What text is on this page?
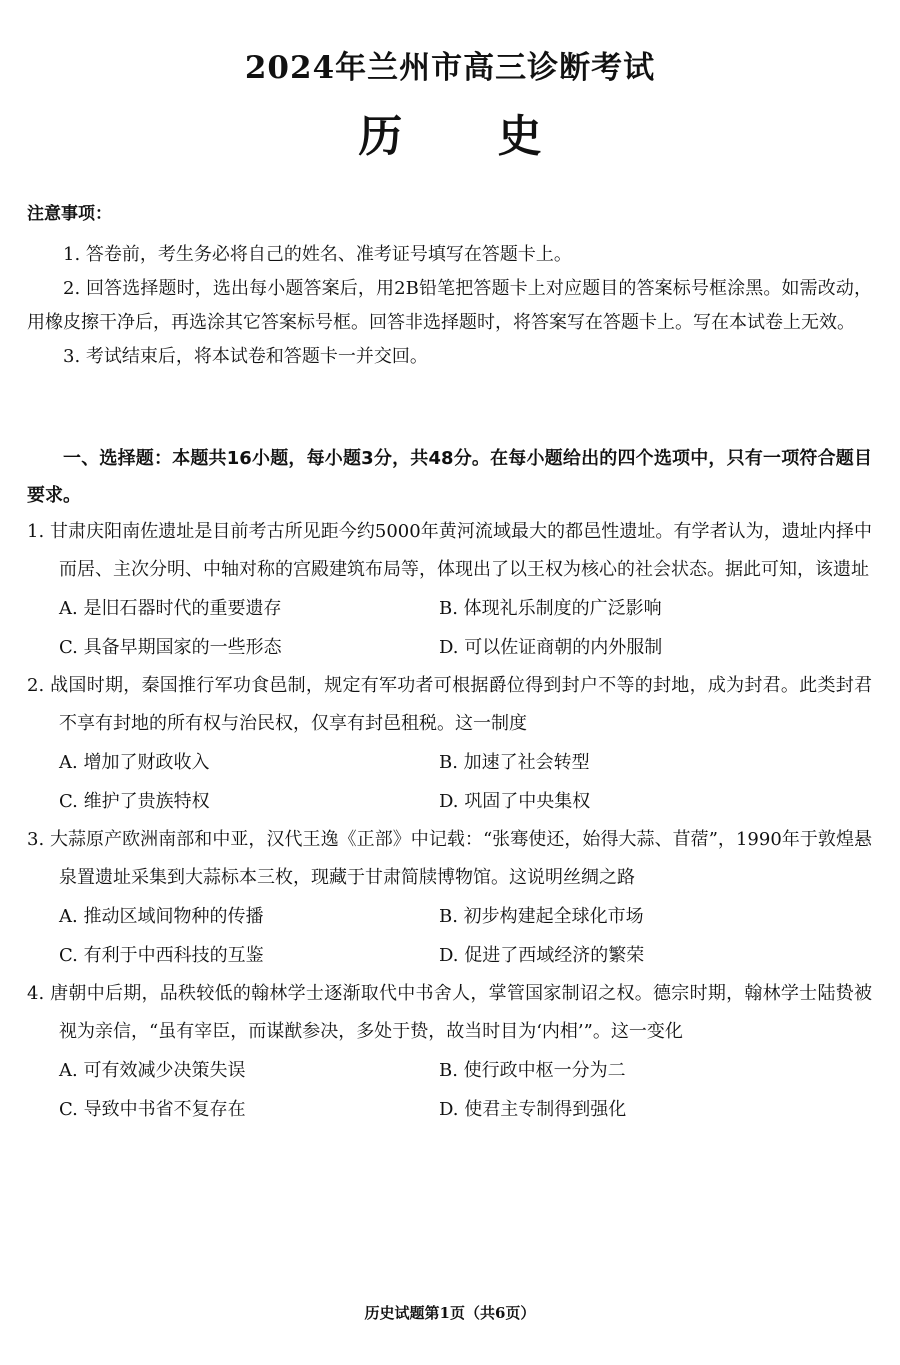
2024年兰州市高三诊断考试
历 史
注意事项：

1. 答卷前，考生务必将自己的姓名、准考证号填写在答题卡上。

2. 回答选择题时，选出每小题答案后，用2B铅笔把答题卡上对应题目的答案标号框涂黑。如需改动，用橡皮擦干净后，再选涂其它答案标号框。回答非选择题时，将答案写在答题卡上。写在本试卷上无效。

3. 考试结束后，将本试卷和答题卡一并交回。

一、选择题：本题共16小题，每小题3分，共48分。在每小题给出的四个选项中，只有一项符合题目要求。
1. 甘肃庆阳南佐遗址是目前考古所见距今约5000年黄河流域最大的都邑性遗址。有学者认为，遗址内择中而居、主次分明、中轴对称的宫殿建筑布局等，体现出了以王权为核心的社会状态。据此可知，该遗址
A. 是旧石器时代的重要遗存	B. 体现礼乐制度的广泛影响
C. 具备早期国家的一些形态	D. 可以佐证商朝的内外服制
2. 战国时期，秦国推行军功食邑制，规定有军功者可根据爵位得到封户不等的封地，成为封君。此类封君不享有封地的所有权与治民权，仅享有封邑租税。这一制度
A. 增加了财政收入	B. 加速了社会转型
C. 维护了贵族特权	D. 巩固了中央集权
3. 大蒜原产欧洲南部和中亚，汉代王逸《正部》中记载：“张骞使还，始得大蒜、苜蓿”，1990年于敦煌悬泉置遗址采集到大蒜标本三枚，现藏于甘肃简牍博物馆。这说明丝绸之路
A. 推动区域间物种的传播	B. 初步构建起全球化市场
C. 有利于中西科技的互鉴	D. 促进了西域经济的繁荣
4. 唐朝中后期，品秩较低的翰林学士逐渐取代中书舍人，掌管国家制诏之权。德宗时期，翰林学士陆贽被视为亲信，“虽有宰臣，而谋猷参决，多处于贽，故当时目为‘内相’”。这一变化
A. 可有效减少决策失误	B. 使行政中枢一分为二
C. 导致中书省不复存在	D. 使君主专制得到强化
历史试题第1页（共6页）
